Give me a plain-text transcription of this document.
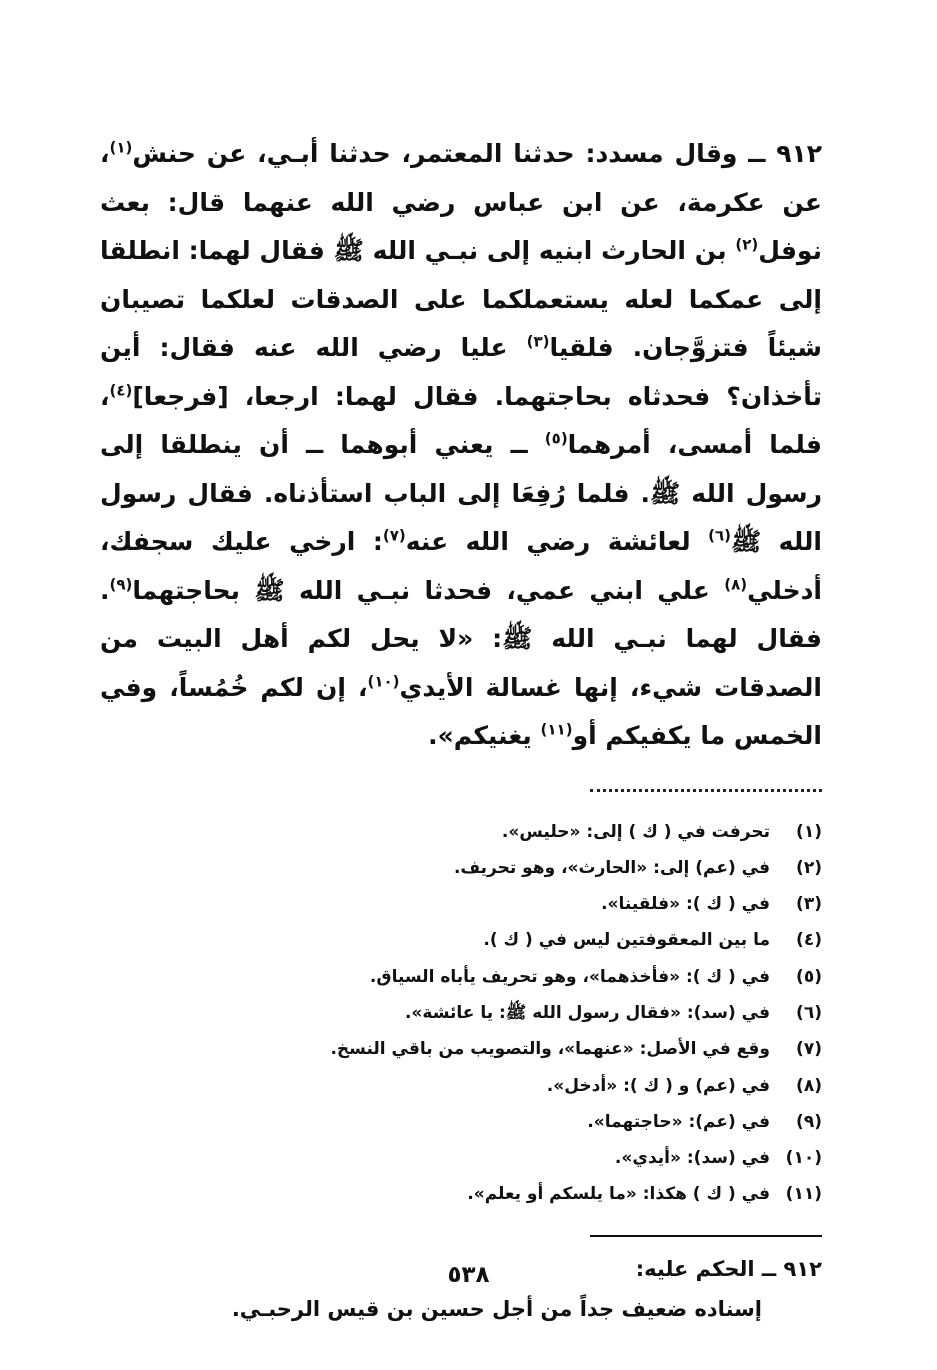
٩١٢ ــ وقال مسدد: حدثنا المعتمر، حدثنا أبـي، عن حنش$^{(١)}$، عن عكرمة، عن ابن عباس رضي الله عنهما قال: بعث نوفل$^{(٢)}$ بن الحارث ابنيه إلى نبـي الله ﷺ فقال لهما: انطلقا إلى عمكما لعله يستعملكما على الصدقات لعلكما تصيبان شيئاً فتزوَّجان. فلقيا$^{(٣)}$ عليا رضي الله عنه فقال: أين تأخذان؟ فحدثاه بحاجتهما. فقال لهما: ارجعا، [فرجعا]$^{(٤)}$، فلما أمسى، أمرهما$^{(٥)}$ ــ يعني أبوهما ــ أن ينطلقا إلى رسول الله ﷺ. فلما رُفِعَا إلى الباب استأذناه. فقال رسول الله ﷺ$^{(٦)}$ لعائشة رضي الله عنه$^{(٧)}$: ارخي عليك سجفك، أدخلي$^{(٨)}$ علي ابني عمي، فحدثا نبـي الله ﷺ بحاجتهما$^{(٩)}$. فقال لهما نبـي الله ﷺ: «لا يحل لكم أهل البيت من الصدقات شيء، إنها غسالة الأيدي$^{(١٠)}$، إن لكم خُمُساً، وفي الخمس ما يكفيكم أو$^{(١١)}$ يغنيكم».

(١)
تحرفت في ( ك ) إلى: «حليس».
(٢)
في (عم) إلى: «الحارث»، وهو تحريف.
(٣)
في ( ك ): «فلقينا».
(٤)
ما بين المعقوفتين ليس في ( ك ).
(٥)
في ( ك ): «فأخذهما»، وهو تحريف يأباه السياق.
(٦)
في (سد): «فقال رسول الله ﷺ: يا عائشة».
(٧)
وقع في الأصل: «عنهما»، والتصويب من باقي النسخ.
(٨)
في (عم) و ( ك ): «أدخل».
(٩)
في (عم): «حاجتهما».
(١٠)
في (سد): «أيدي».
(١١)
في ( ك ) هكذا: «ما يلسكم أو يعلم».
٩١٢ ــ الحكم عليه:
إسناده ضعيف جداً من أجل حسين بن قيس الرحبـي.
٥٣٨
